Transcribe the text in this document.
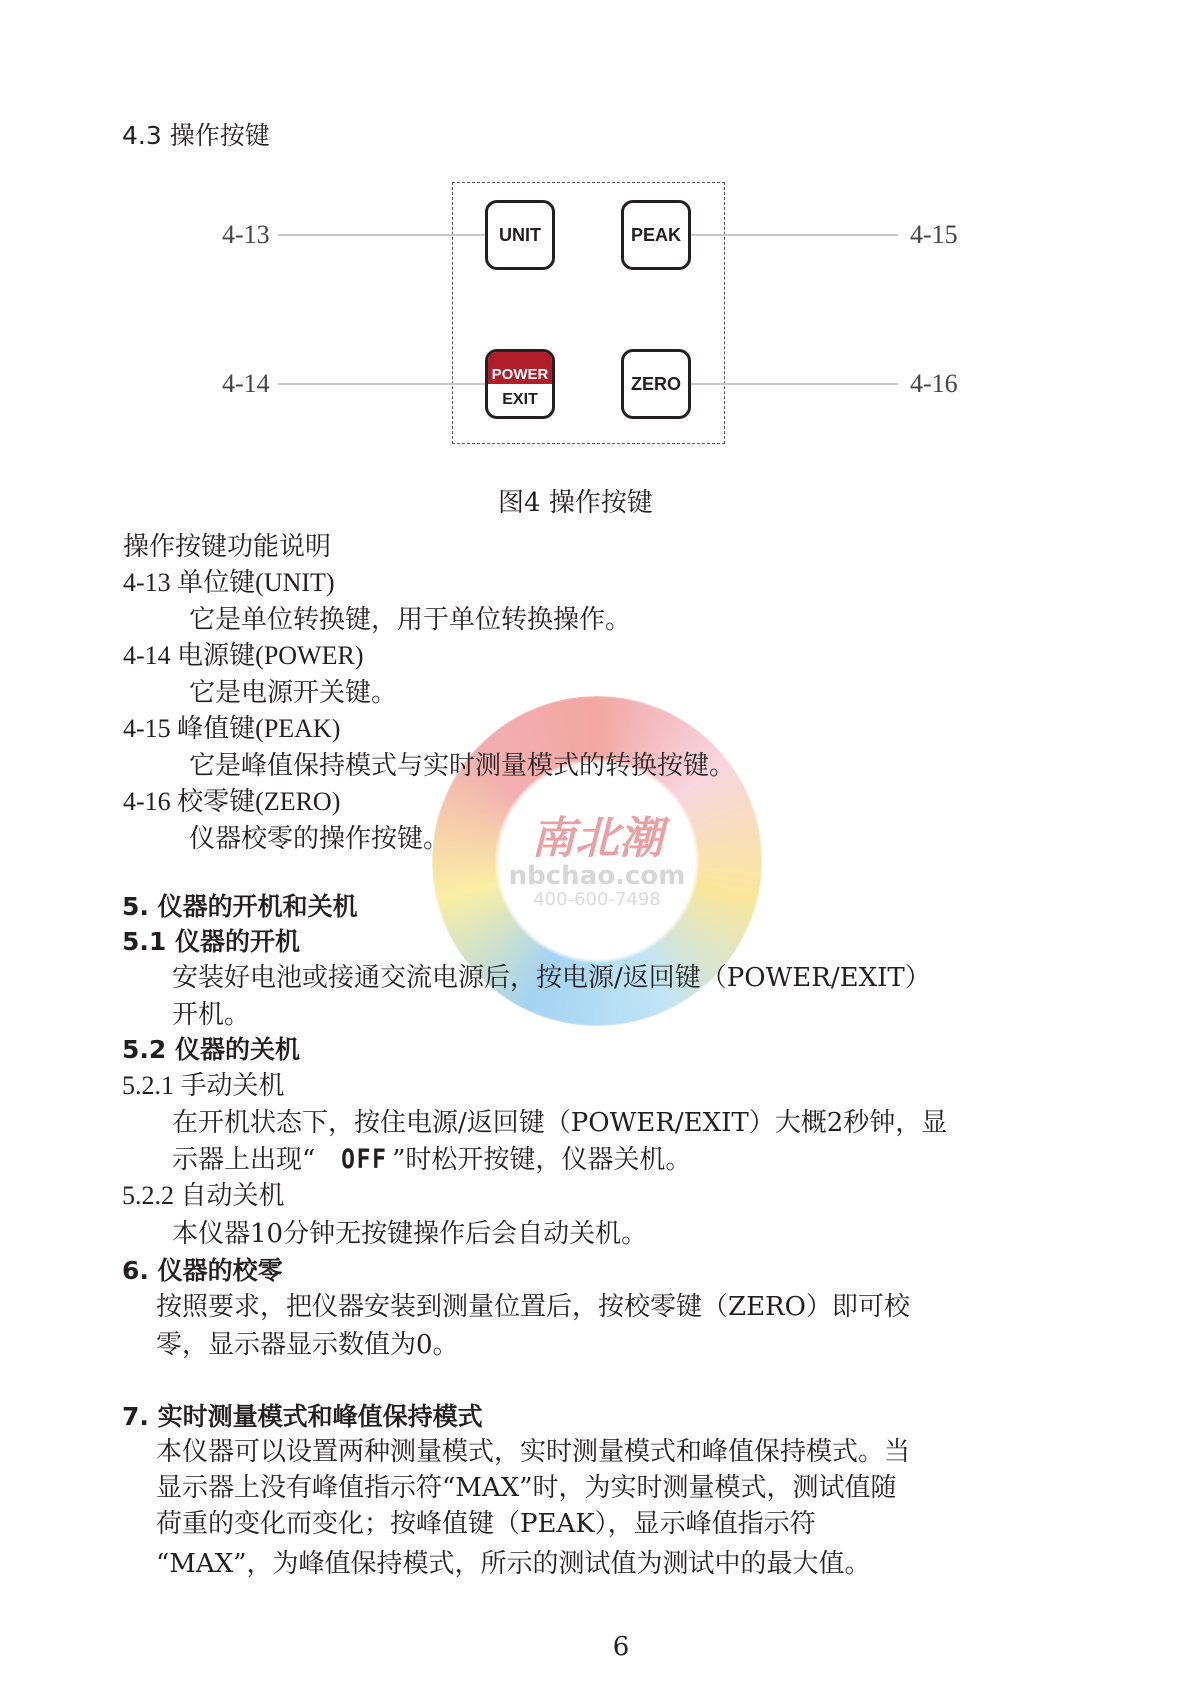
4.3 操作按键
4-13
4-14
4-15
4-16
UNIT	PEAK
POWER
EXIT
ZERO
图4 操作按键
南北潮
nbchao.com
400-600-7498
操作按键功能说明
4-13 单位键(UNIT)
它是单位转换键，用于单位转换操作。
4-14 电源键(POWER)
它是电源开关键。
4-15 峰值键(PEAK)
它是峰值保持模式与实时测量模式的转换按键。
4-16 校零键(ZERO)
仪器校零的操作按键。
5. 仪器的开机和关机
5.1 仪器的开机
安装好电池或接通交流电源后，按电源/返回键（POWER/EXIT）
开机。
5.2 仪器的关机
5.2.1 手动关机
在开机状态下，按住电源/返回键（POWER/EXIT）大概2秒钟，显
示器上出现“ OFF ”时松开按键，仪器关机。
5.2.2 自动关机
本仪器10分钟无按键操作后会自动关机。
6. 仪器的校零
按照要求，把仪器安装到测量位置后，按校零键（ZERO）即可校
零，显示器显示数值为0。
7. 实时测量模式和峰值保持模式
本仪器可以设置两种测量模式，实时测量模式和峰值保持模式。当
显示器上没有峰值指示符“MAX”时，为实时测量模式，测试值随
荷重的变化而变化；按峰值键（PEAK），显示峰值指示符
“MAX”，为峰值保持模式，所示的测试值为测试中的最大值。
6
